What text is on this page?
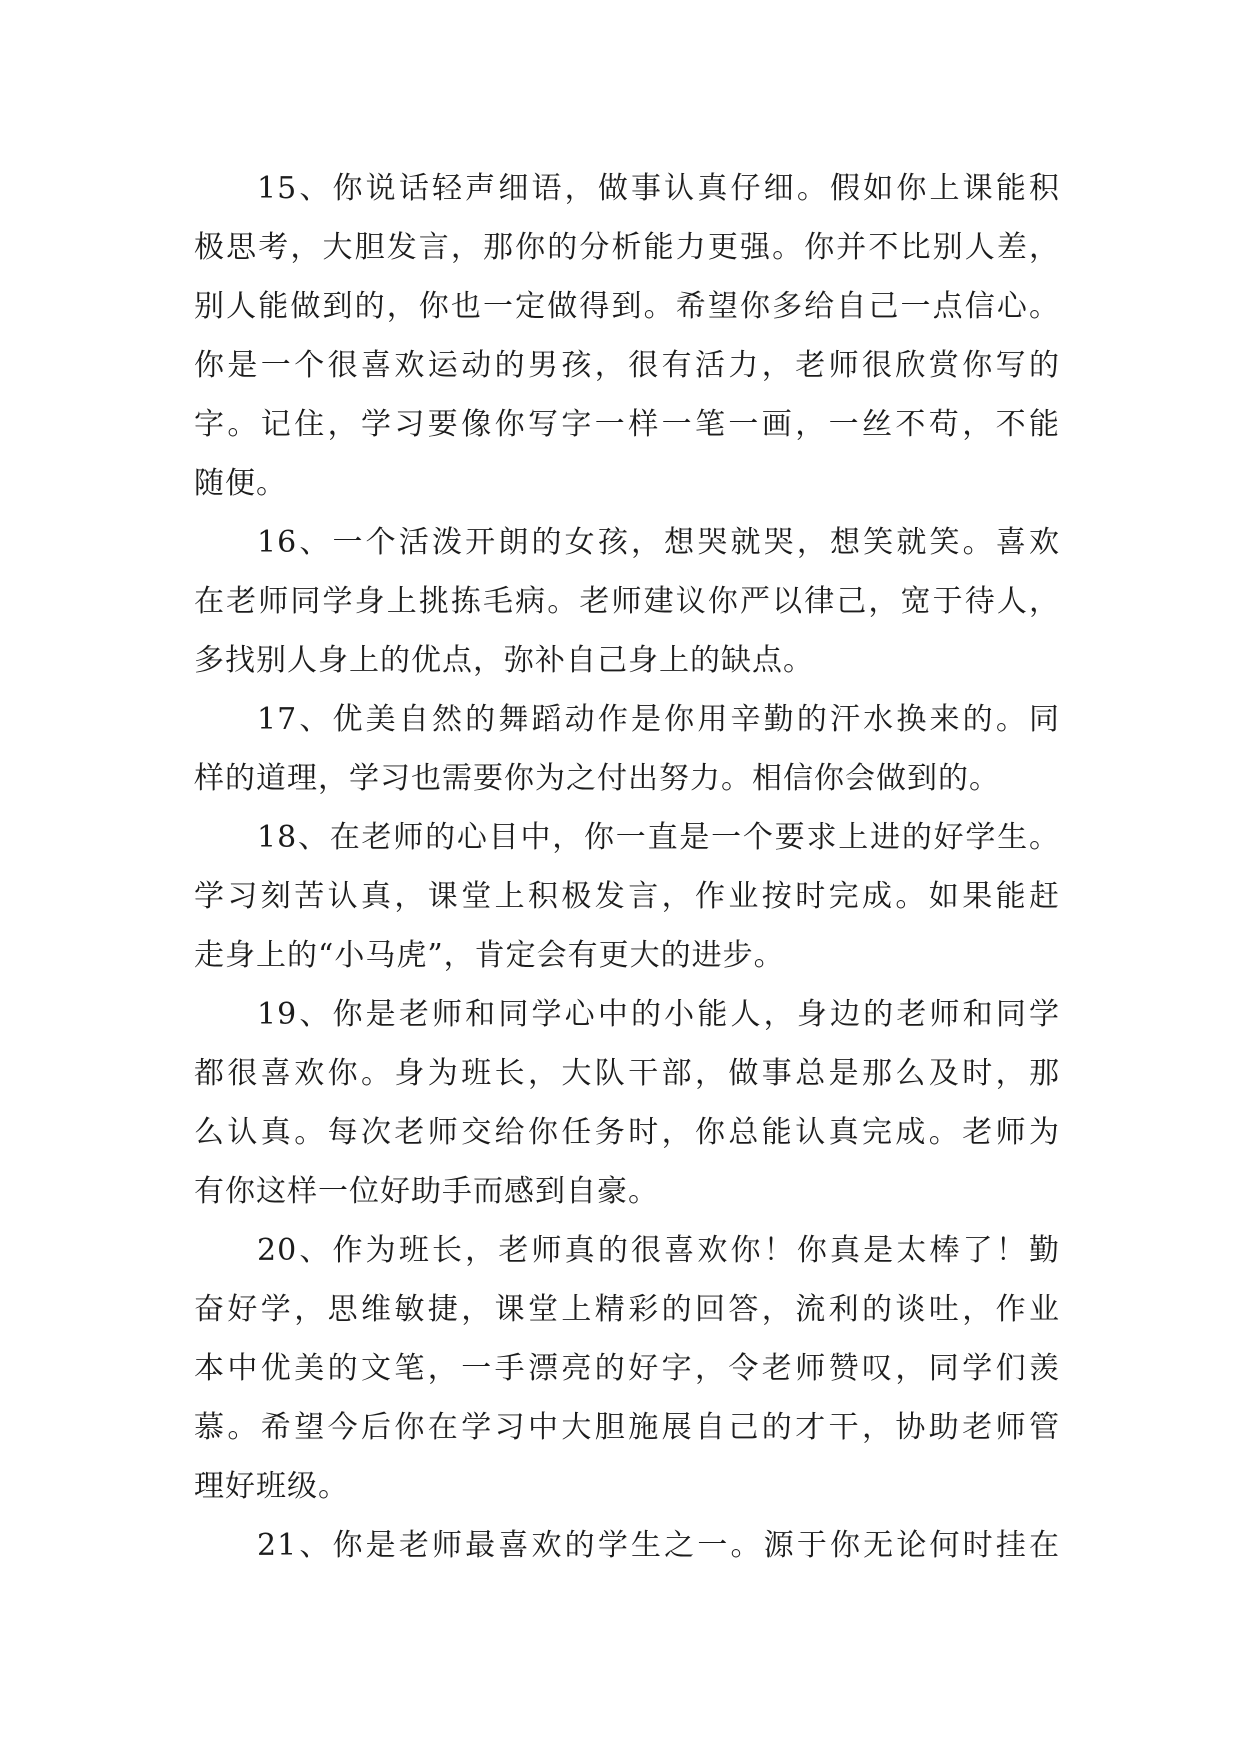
15、你说话轻声细语，做事认真仔细。假如你上课能积
极思考，大胆发言，那你的分析能力更强。你并不比别人差，
别人能做到的，你也一定做得到。希望你多给自己一点信心。
你是一个很喜欢运动的男孩，很有活力，老师很欣赏你写的
字。记住，学习要像你写字一样一笔一画，一丝不苟，不能
随便。
16、一个活泼开朗的女孩，想哭就哭，想笑就笑。喜欢
在老师同学身上挑拣毛病。老师建议你严以律己，宽于待人，
多找别人身上的优点，弥补自己身上的缺点。
17、优美自然的舞蹈动作是你用辛勤的汗水换来的。同
样的道理，学习也需要你为之付出努力。相信你会做到的。
18、在老师的心目中，你一直是一个要求上进的好学生。
学习刻苦认真，课堂上积极发言，作业按时完成。如果能赶
走身上的“小马虎”，肯定会有更大的进步。
19、你是老师和同学心中的小能人，身边的老师和同学
都很喜欢你。身为班长，大队干部，做事总是那么及时，那
么认真。每次老师交给你任务时，你总能认真完成。老师为
有你这样一位好助手而感到自豪。
20、作为班长，老师真的很喜欢你！你真是太棒了！勤
奋好学，思维敏捷，课堂上精彩的回答，流利的谈吐，作业
本中优美的文笔，一手漂亮的好字，令老师赞叹，同学们羡
慕。希望今后你在学习中大胆施展自己的才干，协助老师管
理好班级。
21、你是老师最喜欢的学生之一。源于你无论何时挂在
